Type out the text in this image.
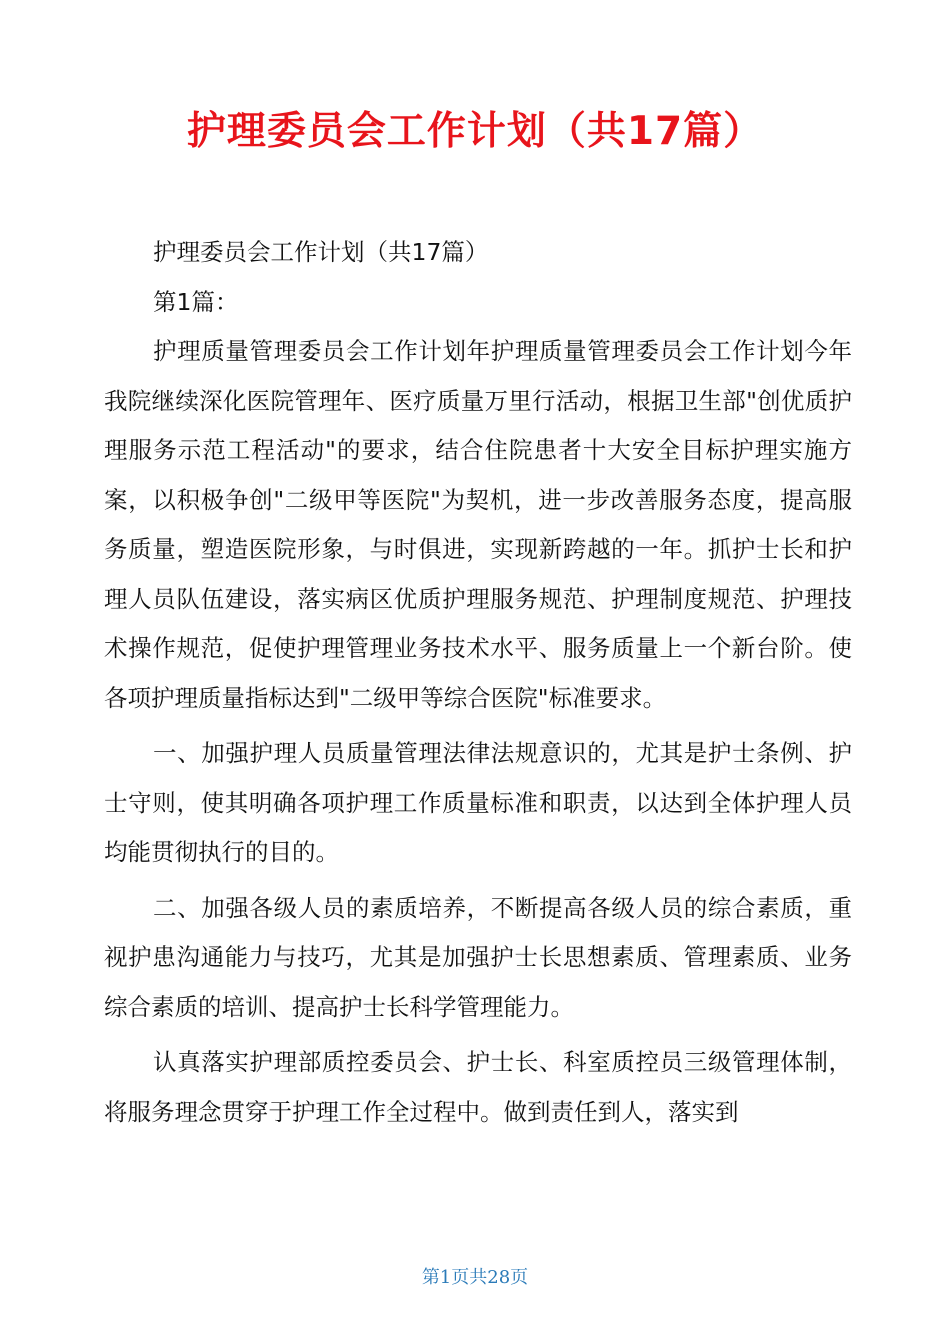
护理委员会工作计划（共17篇）

护理委员会工作计划（共17篇）

第1篇：

护理质量管理委员会工作计划年护理质量管理委员会工作计划今年我院继续深化医院管理年、医疗质量万里行活动，根据卫生部"创优质护理服务示范工程活动"的要求，结合住院患者十大安全目标护理实施方案，以积极争创"二级甲等医院"为契机，进一步改善服务态度，提高服务质量，塑造医院形象，与时俱进，实现新跨越的一年。抓护士长和护理人员队伍建设，落实病区优质护理服务规范、护理制度规范、护理技术操作规范，促使护理管理业务技术水平、服务质量上一个新台阶。使各项护理质量指标达到"二级甲等综合医院"标准要求。

一、加强护理人员质量管理法律法规意识的，尤其是护士条例、护士守则，使其明确各项护理工作质量标准和职责，以达到全体护理人员均能贯彻执行的目的。

二、加强各级人员的素质培养，不断提高各级人员的综合素质，重视护患沟通能力与技巧，尤其是加强护士长思想素质、管理素质、业务综合素质的培训、提高护士长科学管理能力。

认真落实护理部质控委员会、护士长、科室质控员三级管理体制，将服务理念贯穿于护理工作全过程中。做到责任到人，落实到

第1页共28页
